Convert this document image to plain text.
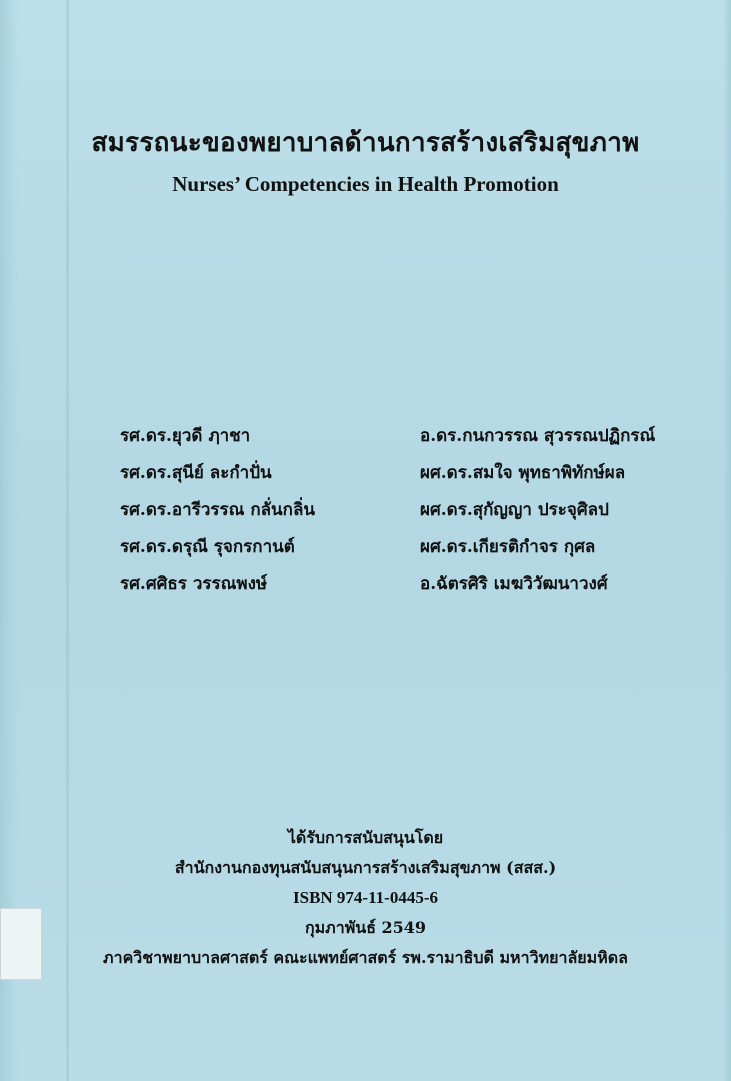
สมรรถนะของพยาบาลด้านการสร้างเสริมสุขภาพ
Nurses’ Competencies in Health Promotion
รศ.ดร.ยุวดี ฦาชา
รศ.ดร.สุนีย์ ละกำปั่น
รศ.ดร.อารีวรรณ กลั่นกลิ่น
รศ.ดร.ดรุณี รุจกรกานต์
รศ.ศศิธร วรรณพงษ์
อ.ดร.กนกวรรณ สุวรรณปฏิกรณ์
ผศ.ดร.สมใจ พุทธาพิทักษ์ผล
ผศ.ดร.สุกัญญา ประจุศิลป
ผศ.ดร.เกียรติกำจร กุศล
อ.ฉัตรศิริ เมฆวิวัฒนาวงศ์
ได้รับการสนับสนุนโดย
สำนักงานกองทุนสนับสนุนการสร้างเสริมสุขภาพ (สสส.)
ISBN 974-11-0445-6
กุมภาพันธ์ 2549
ภาควิชาพยาบาลศาสตร์ คณะแพทย์ศาสตร์ รพ.รามาธิบดี มหาวิทยาลัยมหิดล
